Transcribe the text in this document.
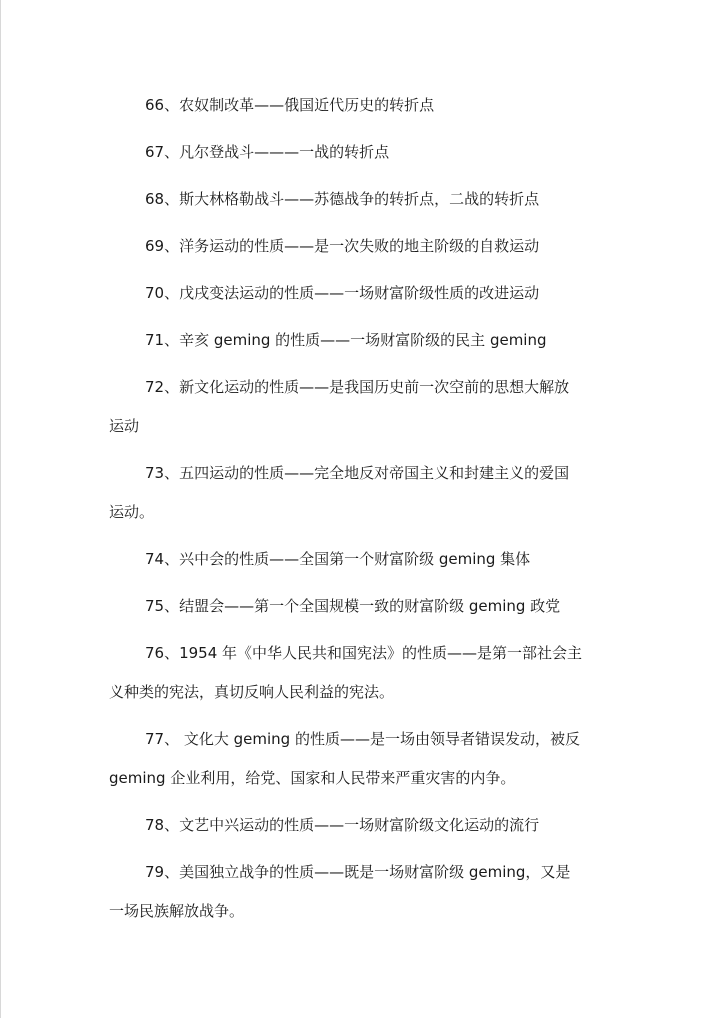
66、农奴制改革——俄国近代历史的转折点

67、凡尔登战斗———一战的转折点

68、斯大林格勒战斗——苏德战争的转折点，二战的转折点

69、洋务运动的性质——是一次失败的地主阶级的自救运动

70、戊戌变法运动的性质——一场财富阶级性质的改进运动

71、辛亥 geming 的性质——一场财富阶级的民主 geming

72、新文化运动的性质——是我国历史前一次空前的思想大解放运动

73、五四运动的性质——完全地反对帝国主义和封建主义的爱国运动。

74、兴中会的性质——全国第一个财富阶级 geming 集体

75、结盟会——第一个全国规模一致的财富阶级 geming 政党

76、1954 年《中华人民共和国宪法》的性质——是第一部社会主义种类的宪法，真切反响人民利益的宪法。

77、 文化大 geming 的性质——是一场由领导者错误发动，被反 geming 企业利用，给党、国家和人民带来严重灾害的内争。

78、文艺中兴运动的性质——一场财富阶级文化运动的流行

79、美国独立战争的性质——既是一场财富阶级 geming，又是一场民族解放战争。
